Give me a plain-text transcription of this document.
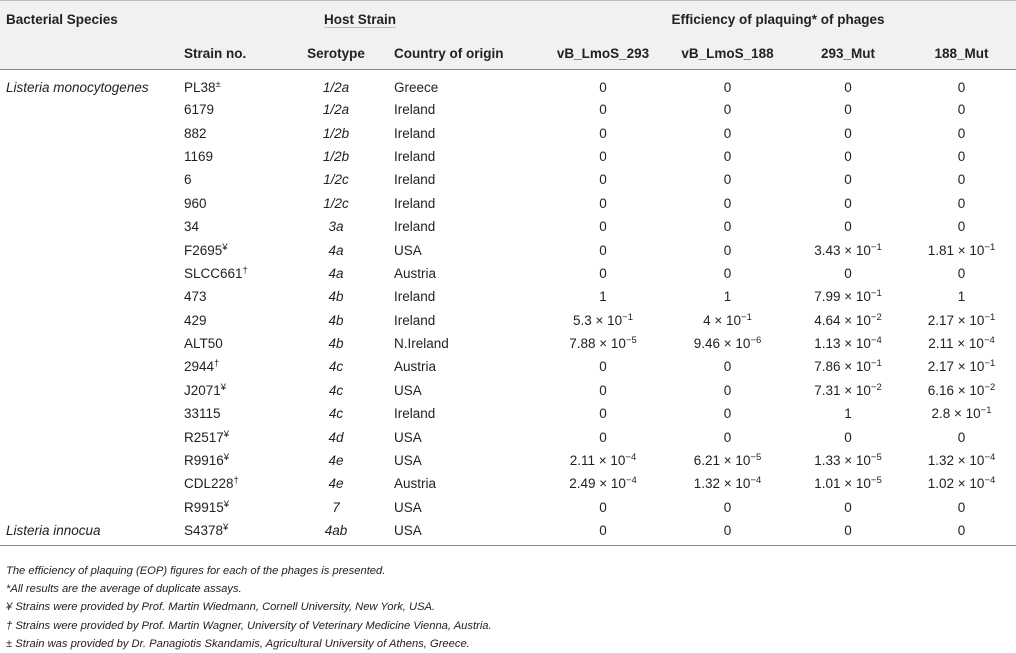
Bacterial Species	Host Strain			Efficiency of plaquing* of phages			
	Strain no.	Serotype	Country of origin	vB_LmoS_293	vB_LmoS_188	293_Mut	188_Mut
Listeria monocytogenes	PL38±	1/2a	Greece	0	0	0	0
	6179	1/2a	Ireland	0	0	0	0
	882	1/2b	Ireland	0	0	0	0
	1169	1/2b	Ireland	0	0	0	0
	6	1/2c	Ireland	0	0	0	0
	960	1/2c	Ireland	0	0	0	0
	34	3a	Ireland	0	0	0	0
	F2695¥	4a	USA	0	0	$3.43 \times 10^{-1}$	$1.81 \times 10^{-1}$
	SLCC661†	4a	Austria	0	0	0	0
	473	4b	Ireland	1	1	$7.99 \times 10^{-1}$	1
	429	4b	Ireland	$5.3 \times 10^{-1}$	$4 \times 10^{-1}$	$4.64 \times 10^{-2}$	$2.17 \times 10^{-1}$
	ALT50	4b	N.Ireland	$7.88 \times 10^{-5}$	$9.46 \times 10^{-6}$	$1.13 \times 10^{-4}$	$2.11 \times 10^{-4}$
	2944†	4c	Austria	0	0	$7.86 \times 10^{-1}$	$2.17 \times 10^{-1}$
	J2071¥	4c	USA	0	0	$7.31 \times 10^{-2}$	$6.16 \times 10^{-2}$
	33115	4c	Ireland	0	0	1	$2.8 \times 10^{-1}$
	R2517¥	4d	USA	0	0	0	0
	R9916¥	4e	USA	$2.11 \times 10^{-4}$	$6.21 \times 10^{-5}$	$1.33 \times 10^{-5}$	$1.32 \times 10^{-4}$
	CDL228†	4e	Austria	$2.49 \times 10^{-4}$	$1.32 \times 10^{-4}$	$1.01 \times 10^{-5}$	$1.02 \times 10^{-4}$
	R9915¥	7	USA	0	0	0	0
Listeria innocua	S4378¥	4ab	USA	0	0	0	0
The efficiency of plaquing (EOP) figures for each of the phages is presented.
*All results are the average of duplicate assays.
¥ Strains were provided by Prof. Martin Wiedmann, Cornell University, New York, USA.
† Strains were provided by Prof. Martin Wagner, University of Veterinary Medicine Vienna, Austria.
± Strain was provided by Dr. Panagiotis Skandamis, Agricultural University of Athens, Greece.
